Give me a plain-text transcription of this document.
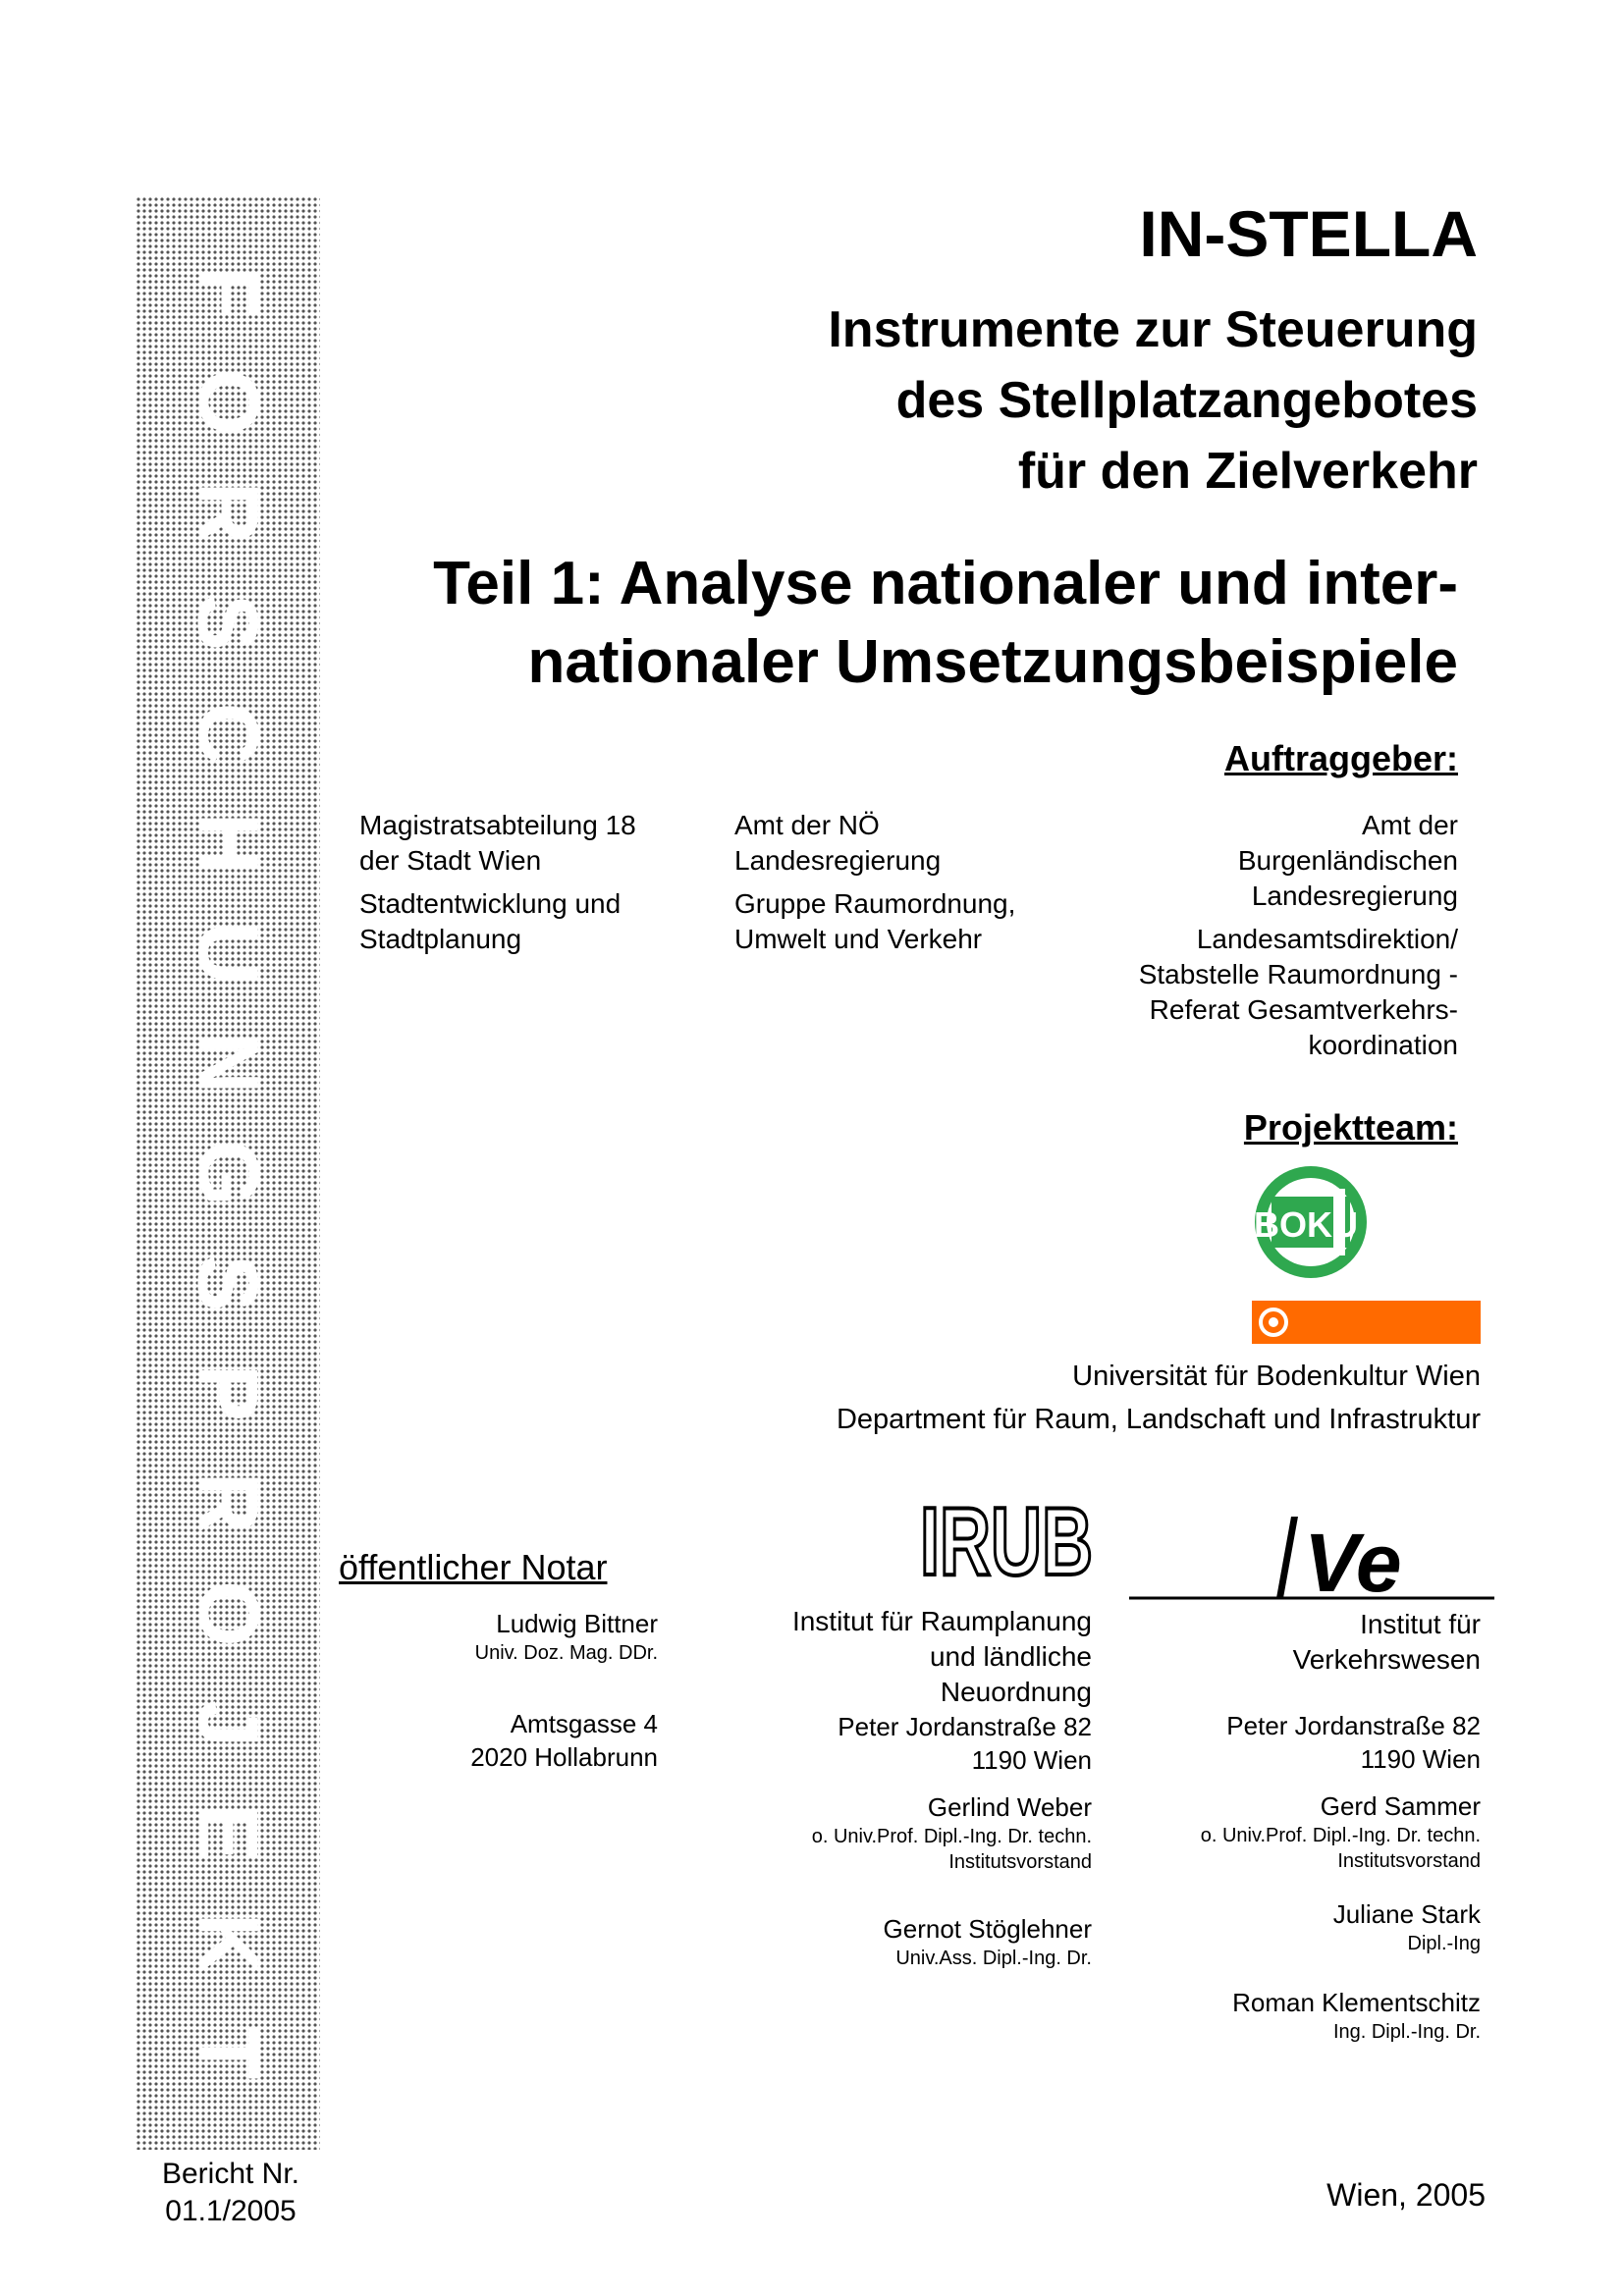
F
O
R
S
C
H
U
N
G
S
P
R
O
J
E
K
T
IN-STELLA
Instrumente zur Steuerung
des Stellplatzangebotes
für den Zielverkehr
Teil 1: Analyse nationaler und inter-
nationaler Umsetzungsbeispiele
Auftraggeber:
Magistratsabteilung 18
der Stadt Wien
Stadtentwicklung und
Stadtplanung
Amt der NÖ
Landesregierung
Gruppe Raumordnung,
Umwelt und Verkehr
Amt der
Burgenländischen
Landesregierung
Landesamtsdirektion/
Stabstelle Raumordnung -
Referat Gesamtverkehrs-
koordination
Projektteam:
BOKU
Universität für Bodenkultur Wien
Department für Raum, Landschaft und Infrastruktur
IRUB	Ve
öffentlicher Notar
Ludwig Bittner
Univ. Doz. Mag. DDr.
Amtsgasse 4
2020 Hollabrunn
Institut für Raumplanung
und ländliche
Neuordnung
Peter Jordanstraße 82
1190 Wien
Gerlind Weber
o. Univ.Prof. Dipl.-Ing. Dr. techn.
Institutsvorstand
Gernot Stöglehner
Univ.Ass. Dipl.-Ing. Dr.
Institut für
Verkehrswesen
Peter Jordanstraße 82
1190 Wien
Gerd Sammer
o. Univ.Prof. Dipl.-Ing. Dr. techn.
Institutsvorstand
Juliane Stark
Dipl.-Ing
Roman Klementschitz
Ing. Dipl.-Ing. Dr.
Bericht Nr.
01.1/2005	Wien, 2005
